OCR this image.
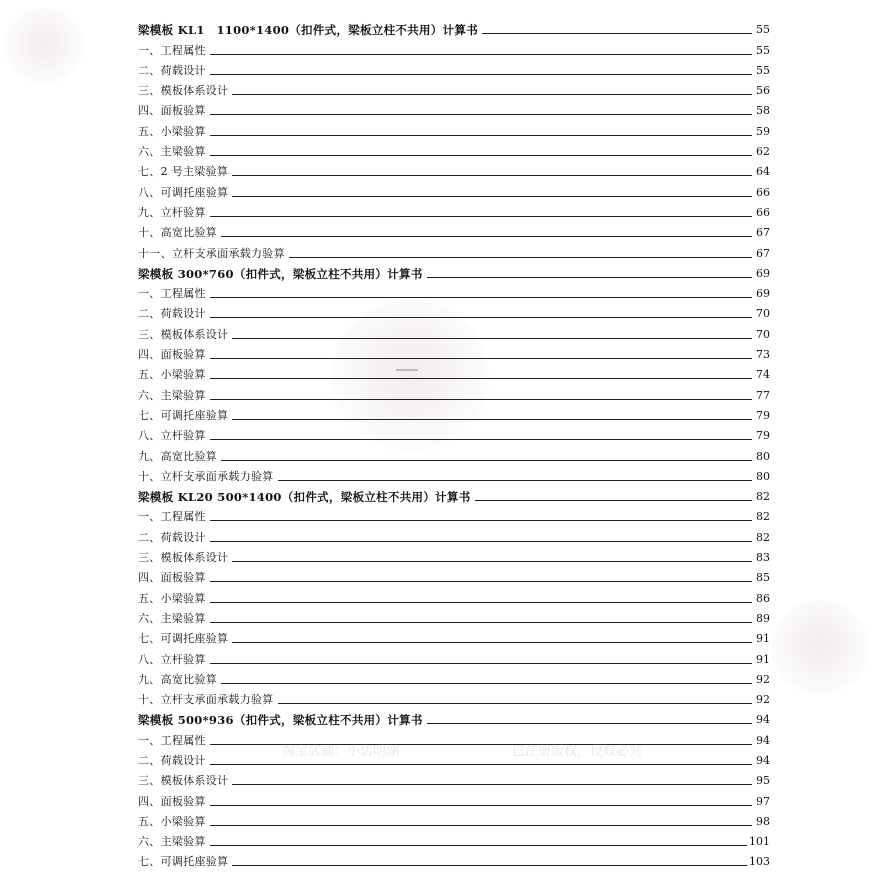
梁模板 KL1　1100*1400（扣件式，梁板立柱不共用）计算书	55
一、工程属性	55
二、荷载设计	55
三、模板体系设计	56
四、面板验算	58
五、小梁验算	59
六、主梁验算	62
七、2 号主梁验算	64
八、可调托座验算	66
九、立杆验算	66
十、高宽比验算	67
十一、立杆支承面承载力验算	67
梁模板 300*760（扣件式，梁板立柱不共用）计算书	69
一、工程属性	69
二、荷载设计	70
三、模板体系设计	70
四、面板验算	73
五、小梁验算	74
六、主梁验算	77
七、可调托座验算	79
八、立杆验算	79
九、高宽比验算	80
十、立杆支承面承载力验算	80
梁模板 KL20 500*1400（扣件式，梁板立柱不共用）计算书	82
一、工程属性	82
二、荷载设计	82
三、模板体系设计	83
四、面板验算	85
五、小梁验算	86
六、主梁验算	89
七、可调托座验算	91
八、立杆验算	91
九、高宽比验算	92
十、立杆支承面承载力验算	92
梁模板 500*936（扣件式，梁板立柱不共用）计算书	94
一、工程属性	94
二、荷载设计	94
三、模板体系设计	95
四、面板验算	97
五、小梁验算	98
六、主梁验算	101
七、可调托座验算	103
淘宝店铺：小店明湖	已注册版权，侵权必究
